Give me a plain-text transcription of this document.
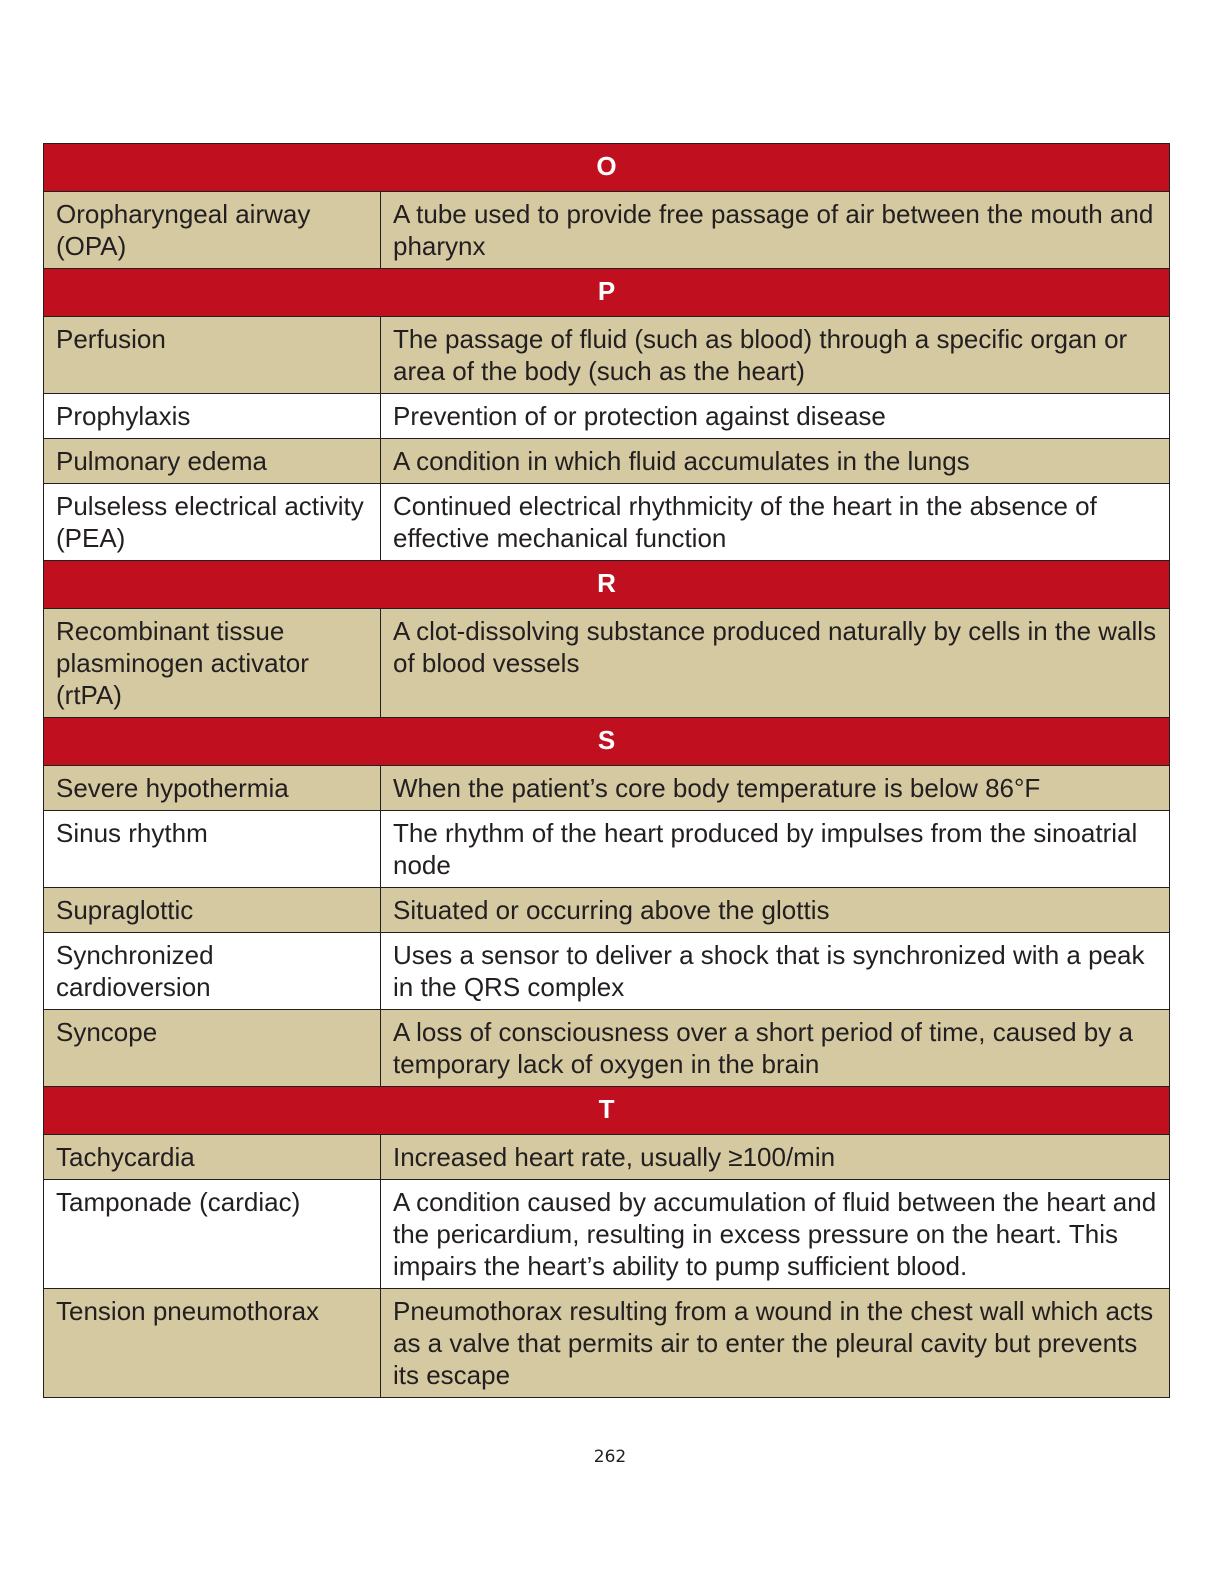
O	
Oropharyngeal airway (OPA)	A tube used to provide free passage of air between the mouth and pharynx
P	
Perfusion	The passage of fluid (such as blood) through a specific organ or area of the body (such as the heart)
Prophylaxis	Prevention of or protection against disease
Pulmonary edema	A condition in which fluid accumulates in the lungs
Pulseless electrical activity (PEA)	Continued electrical rhythmicity of the heart in the absence of effective mechanical function
R	
Recombinant tissue plasminogen activator (rtPA)	A clot-dissolving substance produced naturally by cells in the walls of blood vessels
S	
Severe hypothermia	When the patient’s core body temperature is below 86°F
Sinus rhythm	The rhythm of the heart produced by impulses from the sinoatrial node
Supraglottic	Situated or occurring above the glottis
Synchronized cardioversion	Uses a sensor to deliver a shock that is synchronized with a peak in the QRS complex
Syncope	A loss of consciousness over a short period of time, caused by a temporary lack of oxygen in the brain
T	
Tachycardia	Increased heart rate, usually ≥100/min
Tamponade (cardiac)	A condition caused by accumulation of fluid between the heart and the pericardium, resulting in excess pressure on the heart. This impairs the heart’s ability to pump sufficient blood.
Tension pneumothorax	Pneumothorax resulting from a wound in the chest wall which acts as a valve that permits air to enter the pleural cavity but prevents its escape
262
